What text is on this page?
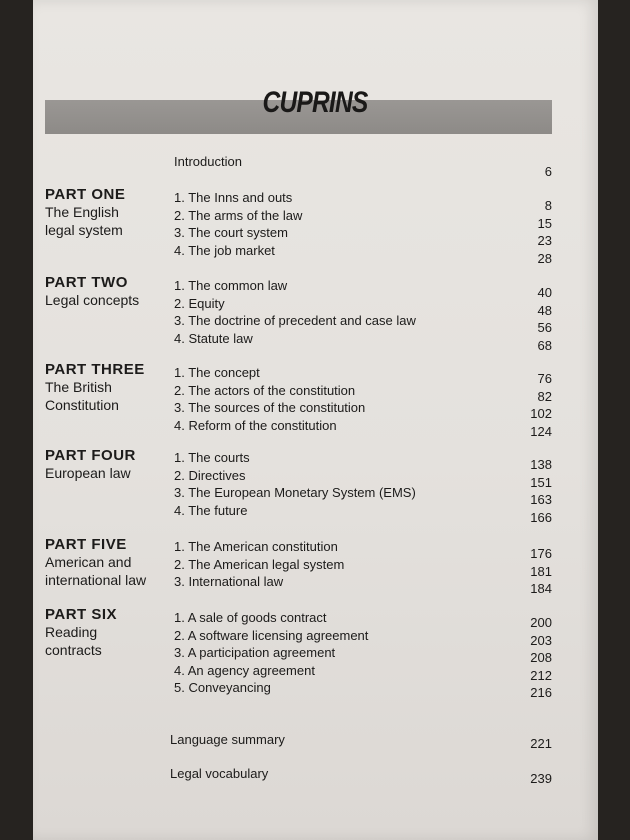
CUPRINS
Introduction
6
PART ONE
The English
legal system
1. The Inns and outs
2. The arms of the law
3. The court system
4. The job market
8
15
23
28
PART TWO
Legal concepts
1. The common law
2. Equity
3. The doctrine of precedent and case law
4. Statute law
40
48
56
68
PART THREE
The British
Constitution
1. The concept
2. The actors of the constitution
3. The sources of the constitution
4. Reform of the constitution
76
82
102
124
PART FOUR
European law
1. The courts
2. Directives
3. The European Monetary System (EMS)
4. The future
138
151
163
166
PART FIVE
American and
international law
1. The American constitution
2. The American legal system
3. International law
176
181
184
PART SIX
Reading
contracts
1. A sale of goods contract
2. A software licensing agreement
3. A participation agreement
4. An agency agreement
5. Conveyancing
200
203
208
212
216
Language summary	221
Legal vocabulary	239
